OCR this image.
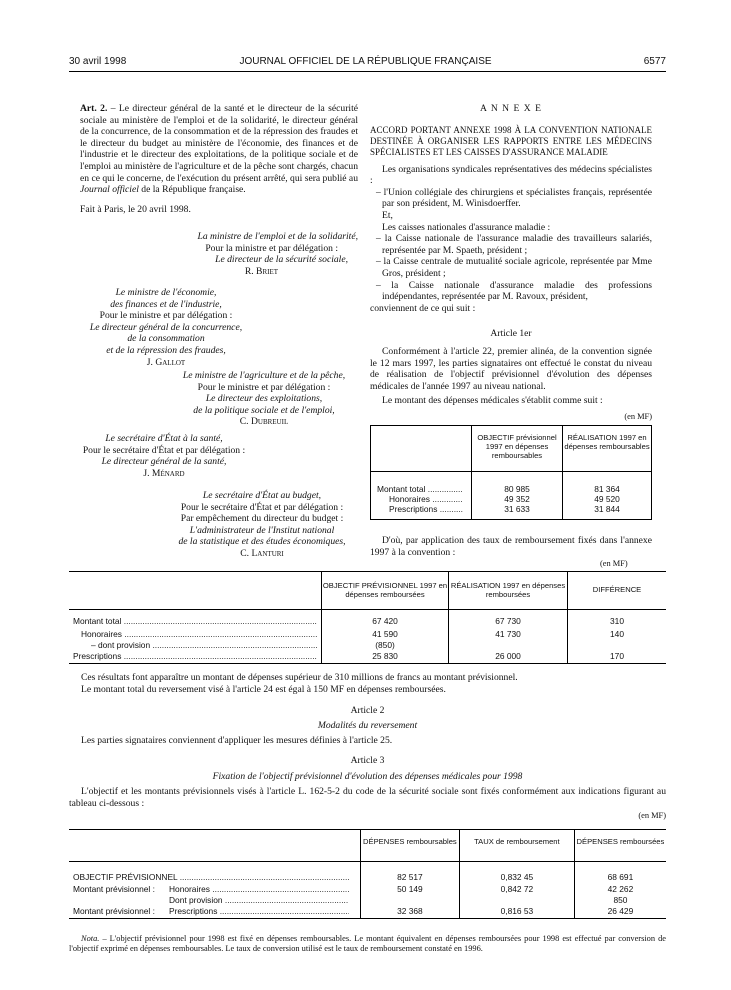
30 avril 1998	JOURNAL OFFICIEL DE LA RÉPUBLIQUE FRANÇAISE	6577

Art. 2. – Le directeur général de la santé et le directeur de la sécurité sociale au ministère de l'emploi et de la solidarité, le directeur général de la concurrence, de la consommation et de la répression des fraudes et le directeur du budget au ministère de l'économie, des finances et de l'industrie et le directeur des exploitations, de la politique sociale et de l'emploi au ministère de l'agriculture et de la pêche sont chargés, chacun en ce qui le concerne, de l'exécution du présent arrêté, qui sera publié au Journal officiel de la République française.

Fait à Paris, le 20 avril 1998.

La ministre de l'emploi et de la solidarité,
Pour la ministre et par délégation :
Le directeur de la sécurité sociale,
R. Briet
Le ministre de l'économie,
des finances et de l'industrie,
Pour le ministre et par délégation :
Le directeur général de la concurrence,
de la consommation
et de la répression des fraudes,
J. Gallot
Le ministre de l'agriculture et de la pêche,
Pour le ministre et par délégation :
Le directeur des exploitations,
de la politique sociale et de l'emploi,
C. Dubreuil
Le secrétaire d'État à la santé,
Pour le secrétaire d'État et par délégation :
Le directeur général de la santé,
J. Ménard
Le secrétaire d'État au budget,
Pour le secrétaire d'État et par délégation :
Par empêchement du directeur du budget :
L'administrateur de l'Institut national
de la statistique et des études économiques,
C. Lanturi
A N N E X E

ACCORD PORTANT ANNEXE 1998 À LA CONVENTION NATIONALE DESTINÉE À ORGANISER LES RAPPORTS ENTRE LES MÉDECINS SPÉCIALISTES ET LES CAISSES D'ASSURANCE MALADIE

Les organisations syndicales représentatives des médecins spécialistes :

– l'Union collégiale des chirurgiens et spécialistes français, représentée par son président, M. Winisdoerffer.

Et,

Les caisses nationales d'assurance maladie :

– la Caisse nationale de l'assurance maladie des travailleurs salariés, représentée par M. Spaeth, président ;

– la Caisse centrale de mutualité sociale agricole, représentée par Mme Gros, président ;

– la Caisse nationale d'assurance maladie des professions indépendantes, représentée par M. Ravoux, président,

conviennent de ce qui suit :

Article 1er

Conformément à l'article 22, premier alinéa, de la convention signée le 12 mars 1997, les parties signataires ont effectué le constat du niveau de réalisation de l'objectif prévisionnel d'évolution des dépenses médicales de l'année 1997 au niveau national.

Le montant des dépenses médicales s'établit comme suit :

(en MF)

	OBJECTIF prévisionnel 1997 en dépenses remboursables	RÉALISATION 1997 en dépenses remboursables

Montant total .....	80 985	81 364

Honoraires .....	49 352	49 520

Prescriptions .....	31 633	31 844

D'où, par application des taux de remboursement fixés dans l'annexe 1997 à la convention :

(en MF)

	OBJECTIF PRÉVISIONNEL 1997 en dépenses remboursées	RÉALISATION 1997 en dépenses remboursées	DIFFÉRENCE

Montant total .....	67 420	67 730	310

Honoraires .....	41 590	41 730	140

– dont provision .....	(850)		

Prescriptions .....	25 830	26 000	170

Ces résultats font apparaître un montant de dépenses supérieur de 310 millions de francs au montant prévisionnel.

Le montant total du reversement visé à l'article 24 est égal à 150 MF en dépenses remboursées.

Article 2
Modalités du reversement

Les parties signataires conviennent d'appliquer les mesures définies à l'article 25.

Article 3
Fixation de l'objectif prévisionnel d'évolution des dépenses médicales pour 1998

L'objectif et les montants prévisionnels visés à l'article L. 162-5-2 du code de la sécurité sociale sont fixés conformément aux indications figurant au tableau ci-dessous :

(en MF)

		DÉPENSES remboursables	TAUX de remboursement	DÉPENSES remboursées

OBJECTIF PRÉVISIONNEL .....		82 517	0,832 45	68 691
Montant prévisionnel :	Honoraires .....	50 149	0,842 72	42 262

	Dont provision .....			850
Montant prévisionnel :	Prescriptions .....	32 368	0,816 53	26 429

Nota. – L'objectif prévisionnel pour 1998 est fixé en dépenses remboursables. Le montant équivalent en dépenses remboursées pour 1998 est effectué par conversion de l'objectif exprimé en dépenses remboursables. Le taux de conversion utilisé est le taux de remboursement constaté en 1996.
